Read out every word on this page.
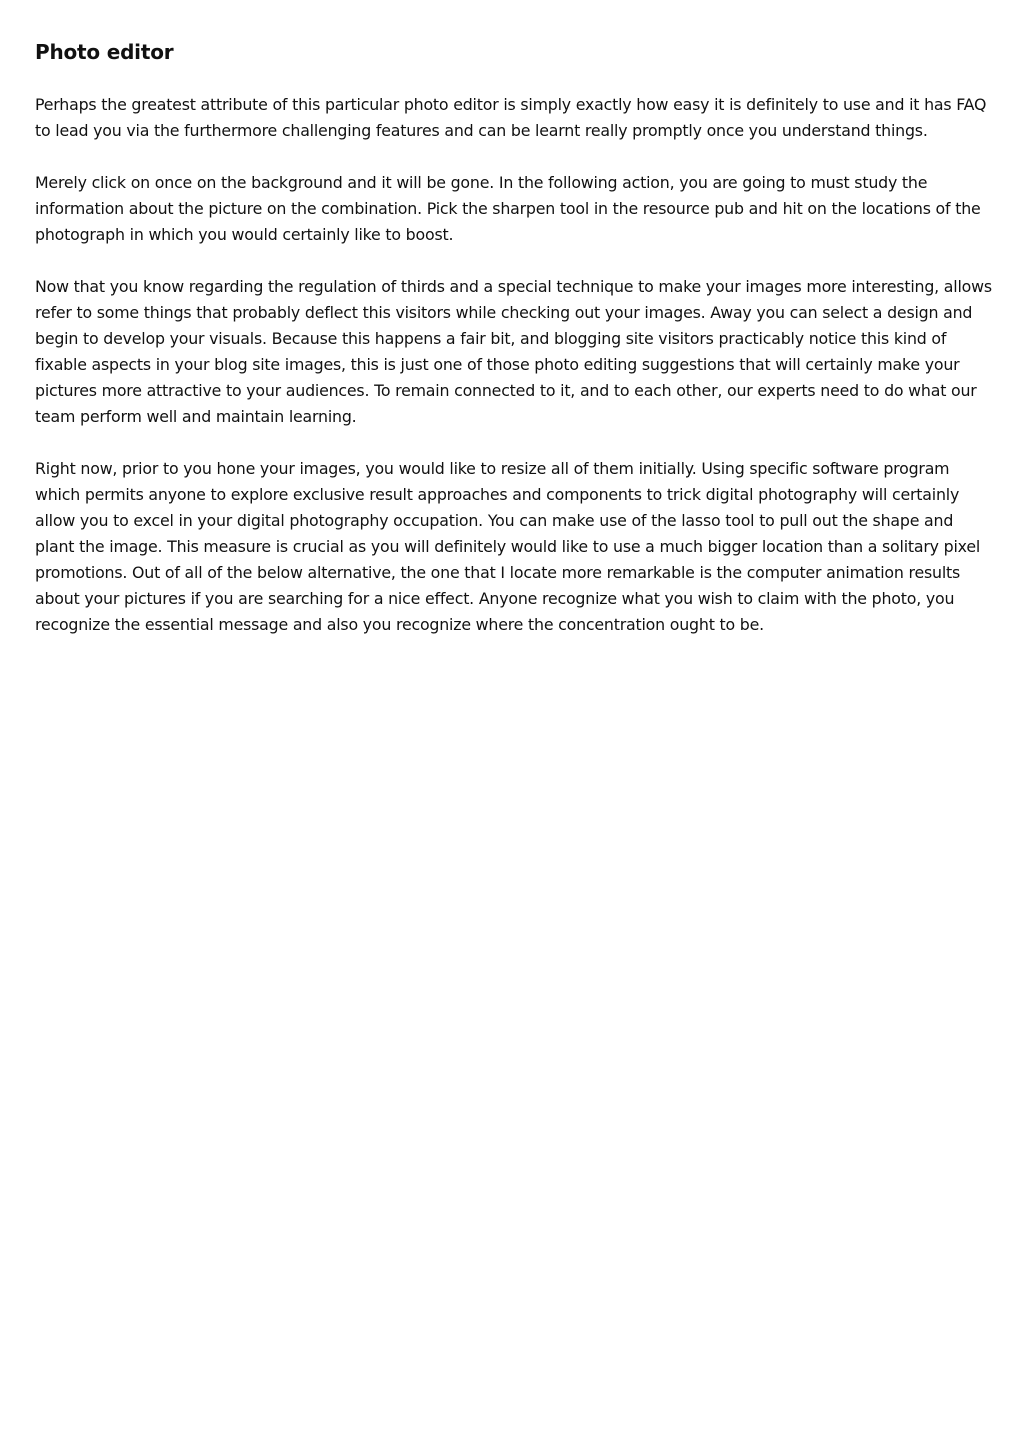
Photo editor

Perhaps the greatest attribute of this particular photo editor is simply exactly how easy it is definitely to use and it has FAQ to lead you via the furthermore challenging features and can be learnt really promptly once you understand things.

Merely click on once on the background and it will be gone. In the following action, you are going to must study the information about the picture on the combination. Pick the sharpen tool in the resource pub and hit on the locations of the photograph in which you would certainly like to boost.

Now that you know regarding the regulation of thirds and a special technique to make your images more interesting, allows refer to some things that probably deflect this visitors while checking out your images. Away you can select a design and begin to develop your visuals. Because this happens a fair bit, and blogging site visitors practicably notice this kind of fixable aspects in your blog site images, this is just one of those photo editing suggestions that will certainly make your pictures more attractive to your audiences. To remain connected to it, and to each other, our experts need to do what our team perform well and maintain learning.

Right now, prior to you hone your images, you would like to resize all of them initially. Using specific software program which permits anyone to explore exclusive result approaches and components to trick digital photography will certainly allow you to excel in your digital photography occupation. You can make use of the lasso tool to pull out the shape and plant the image. This measure is crucial as you will definitely would like to use a much bigger location than a solitary pixel promotions. Out of all of the below alternative, the one that I locate more remarkable is the computer animation results about your pictures if you are searching for a nice effect. Anyone recognize what you wish to claim with the photo, you recognize the essential message and also you recognize where the concentration ought to be.
